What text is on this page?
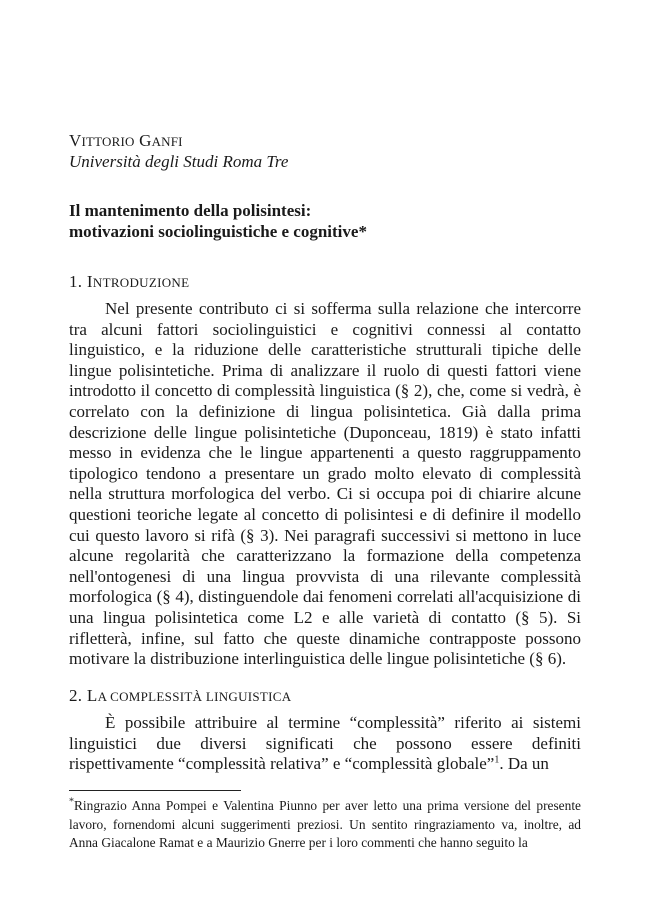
VITTORIO GANFI
Università degli Studi Roma Tre
Il mantenimento della polisintesi:
motivazioni sociolinguistiche e cognitive*
1. INTRODUZIONE

Nel presente contributo ci si sofferma sulla relazione che intercorre tra alcuni fattori sociolinguistici e cognitivi connessi al contatto linguistico, e la riduzione delle caratteristiche strutturali tipiche delle lingue polisintetiche. Prima di analizzare il ruolo di questi fattori viene introdotto il concetto di complessità linguistica (§ 2), che, come si vedrà, è correlato con la definizione di lingua polisintetica. Già dalla prima descrizione delle lingue polisintetiche (Duponceau, 1819) è stato infatti messo in evidenza che le lingue appartenenti a questo raggruppamento tipologico tendono a presentare un grado molto elevato di complessità nella struttura morfologica del verbo. Ci si occupa poi di chiarire alcune questioni teoriche legate al concetto di polisintesi e di definire il modello cui questo lavoro si rifà (§ 3). Nei paragrafi successivi si mettono in luce alcune regolarità che caratterizzano la formazione della competenza nell'ontogenesi di una lingua provvista di una rilevante complessità morfologica (§ 4), distinguendole dai fenomeni correlati all'acquisizione di una lingua polisintetica come L2 e alle varietà di contatto (§ 5). Si rifletterà, infine, sul fatto che queste dinamiche contrapposte possono motivare la distribuzione interlinguistica delle lingue polisintetiche (§ 6).

2. LA COMPLESSITÀ LINGUISTICA

È possibile attribuire al termine “complessità” riferito ai sistemi linguistici due diversi significati che possono essere definiti rispettivamente “complessità relativa” e “complessità globale”$^1$. Da un

*Ringrazio Anna Pompei e Valentina Piunno per aver letto una prima versione del presente lavoro, fornendomi alcuni suggerimenti preziosi. Un sentito ringraziamento va, inoltre, ad Anna Giacalone Ramat e a Maurizio Gnerre per i loro commenti che hanno seguito la
